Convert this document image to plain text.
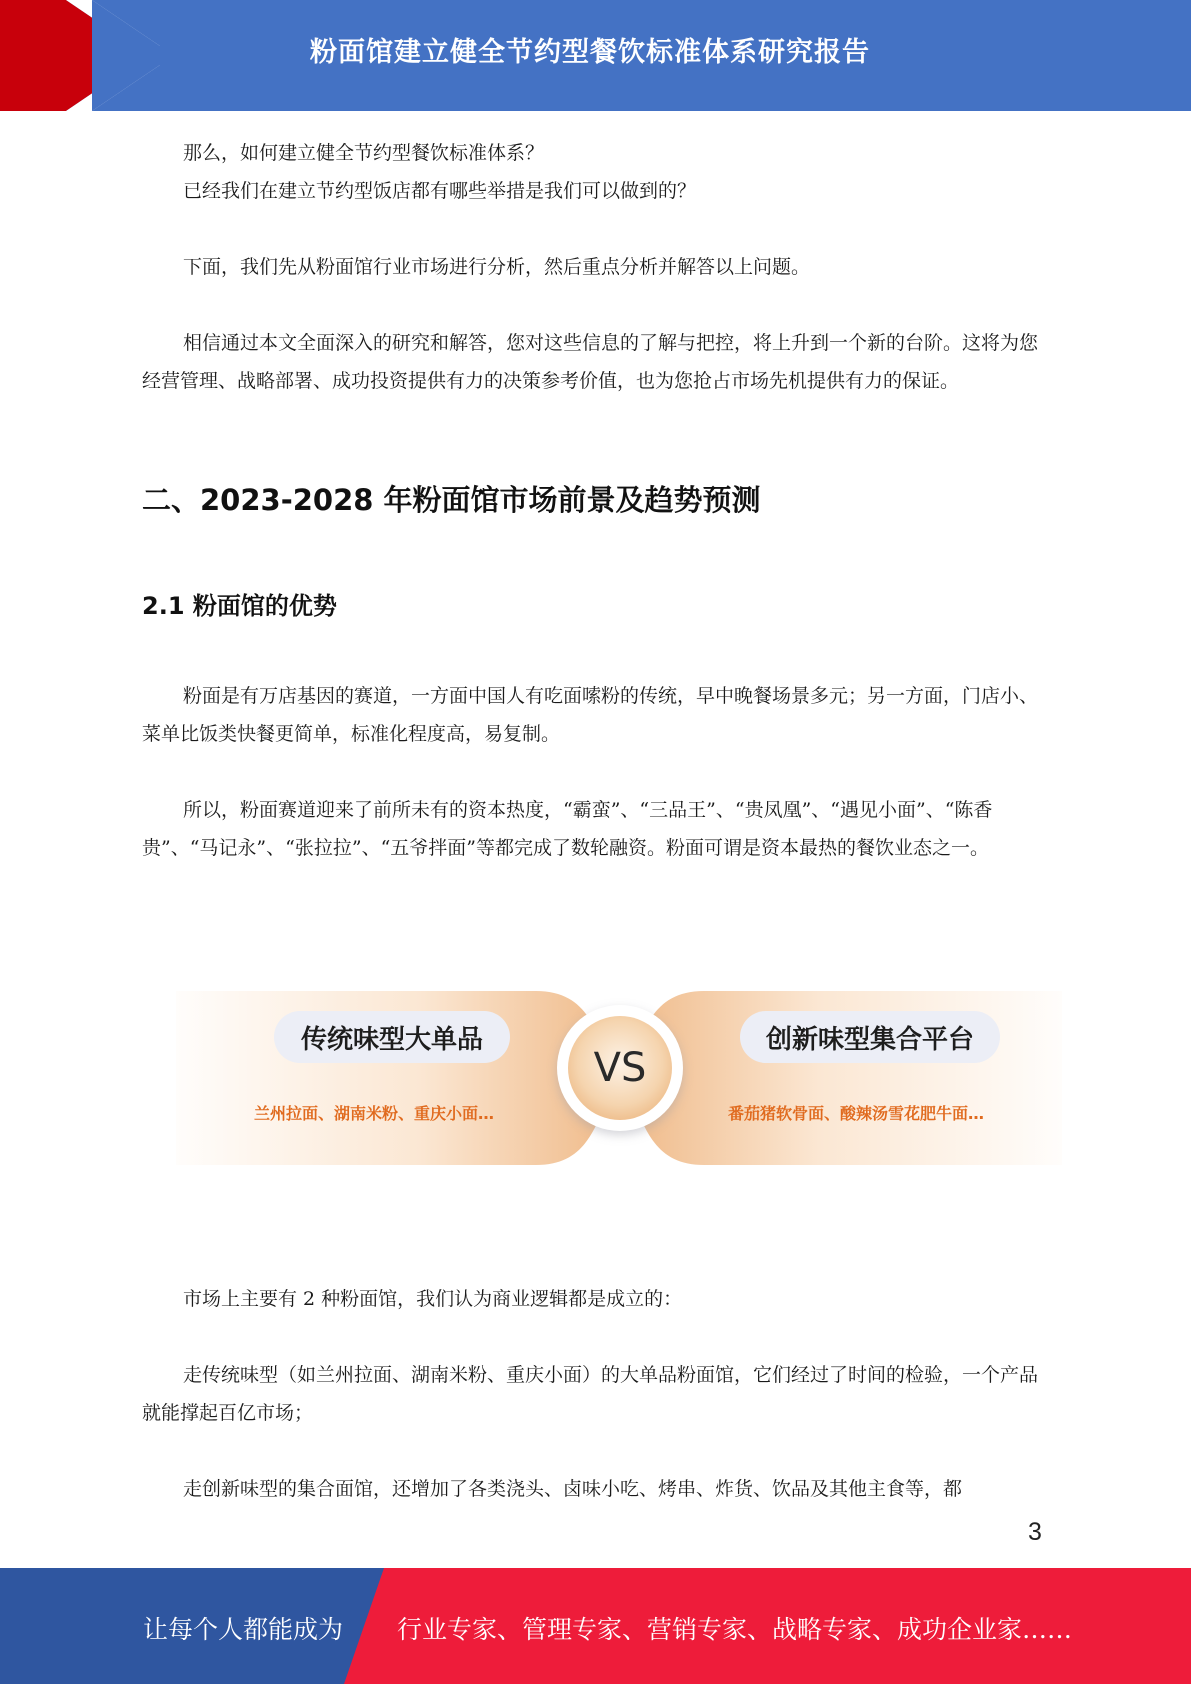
粉面馆建立健全节约型餐饮标准体系研究报告
那么，如何建立健全节约型餐饮标准体系？
已经我们在建立节约型饭店都有哪些举措是我们可以做到的？
下面，我们先从粉面馆行业市场进行分析，然后重点分析并解答以上问题。
相信通过本文全面深入的研究和解答，您对这些信息的了解与把控，将上升到一个新的台阶。这将为您经营管理、战略部署、成功投资提供有力的决策参考价值，也为您抢占市场先机提供有力的保证。
二、2023-2028 年粉面馆市场前景及趋势预测
2.1 粉面馆的优势
粉面是有万店基因的赛道，一方面中国人有吃面嗦粉的传统，早中晚餐场景多元；另一方面，门店小、菜单比饭类快餐更简单，标准化程度高，易复制。
所以，粉面赛道迎来了前所未有的资本热度，“霸蛮”、“三品王”、“贵凤凰”、“遇见小面”、“陈香贵”、“马记永”、“张拉拉”、“五爷拌面”等都完成了数轮融资。粉面可谓是资本最热的餐饮业态之一。
传统味型大单品
兰州拉面、湖南米粉、重庆小面…
VS
创新味型集合平台
番茄猪软骨面、酸辣汤雪花肥牛面…
市场上主要有 2 种粉面馆，我们认为商业逻辑都是成立的：
走传统味型（如兰州拉面、湖南米粉、重庆小面）的大单品粉面馆，它们经过了时间的检验，一个产品就能撑起百亿市场；
走创新味型的集合面馆，还增加了各类浇头、卤味小吃、烤串、炸货、饮品及其他主食等，都
3
让每个人都能成为 行业专家、管理专家、营销专家、战略专家、成功企业家……
